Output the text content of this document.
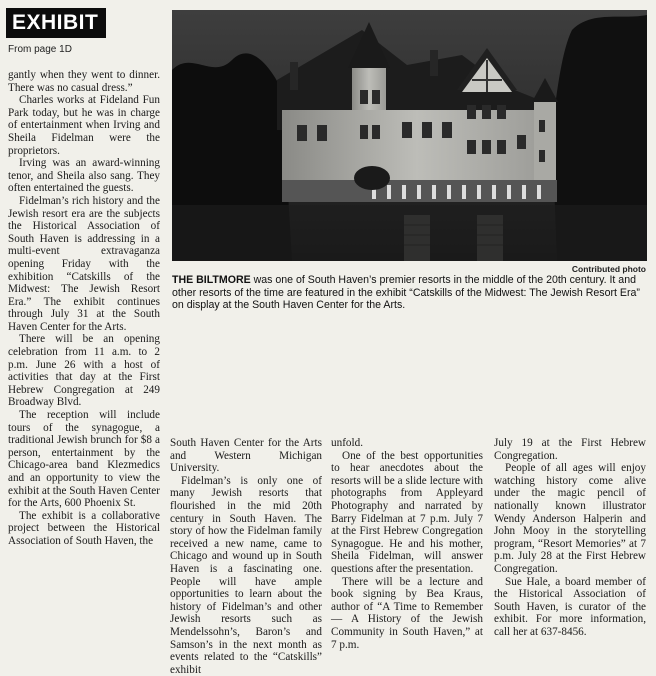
EXHIBIT
From page 1D

gantly when they went to dinner. There was no casual dress.”

Charles works at Fideland Fun Park today, but he was in charge of entertainment when Irving and Sheila Fidelman were the proprietors.

Irving was an award-winning tenor, and Sheila also sang. They often entertained the guests.

Fidelman’s rich history and the Jewish resort era are the subjects the Historical Association of South Haven is addressing in a multi-event extravaganza opening Friday with the exhibition “Catskills of the Midwest: The Jewish Resort Era.” The exhibit continues through July 31 at the South Haven Center for the Arts.

There will be an opening celebration from 11 a.m. to 2 p.m. June 26 with a host of activities that day at the First Hebrew Congregation at 249 Broadway Blvd.

The reception will include tours of the synagogue, a traditional Jewish brunch for $8 a person, entertainment by the Chicago-area band Klezmedics and an opportunity to view the exhibit at the South Haven Center for the Arts, 600 Phoenix St.

The exhibit is a collaborative project between the Historical Association of South Haven, the

Contributed photo
THE BILTMORE was one of South Haven’s premier resorts in the middle of the 20th century. It and other resorts of the time are featured in the exhibit “Catskills of the Midwest: The Jewish Resort Era” on display at the South Haven Center for the Arts.

South Haven Center for the Arts and Western Michigan University.

Fidelman’s is only one of many Jewish resorts that flourished in the mid 20th century in South Haven. The story of how the Fidelman family received a new name, came to Chicago and wound up in South Haven is a fascinating one. People will have ample opportunities to learn about the history of Fidelman’s and other Jewish resorts such as Mendelssohn’s, Baron’s and Samson’s in the next month as events related to the “Catskills” exhibit

unfold.

One of the best opportunities to hear anecdotes about the resorts will be a slide lecture with photographs from Appleyard Photography and narrated by Barry Fidelman at 7 p.m. July 7 at the First Hebrew Congregation Synagogue. He and his mother, Sheila Fidelman, will answer questions after the presentation.

There will be a lecture and book signing by Bea Kraus, author of “A Time to Remember — A History of the Jewish Community in South Haven,” at 7 p.m.

July 19 at the First Hebrew Congregation.

People of all ages will enjoy watching history come alive under the magic pencil of nationally known illustrator Wendy Anderson Halperin and John Mooy in the storytelling program, “Resort Memories” at 7 p.m. July 28 at the First Hebrew Congregation.

Sue Hale, a board member of the Historical Association of South Haven, is curator of the exhibit. For more information, call her at 637-8456.
